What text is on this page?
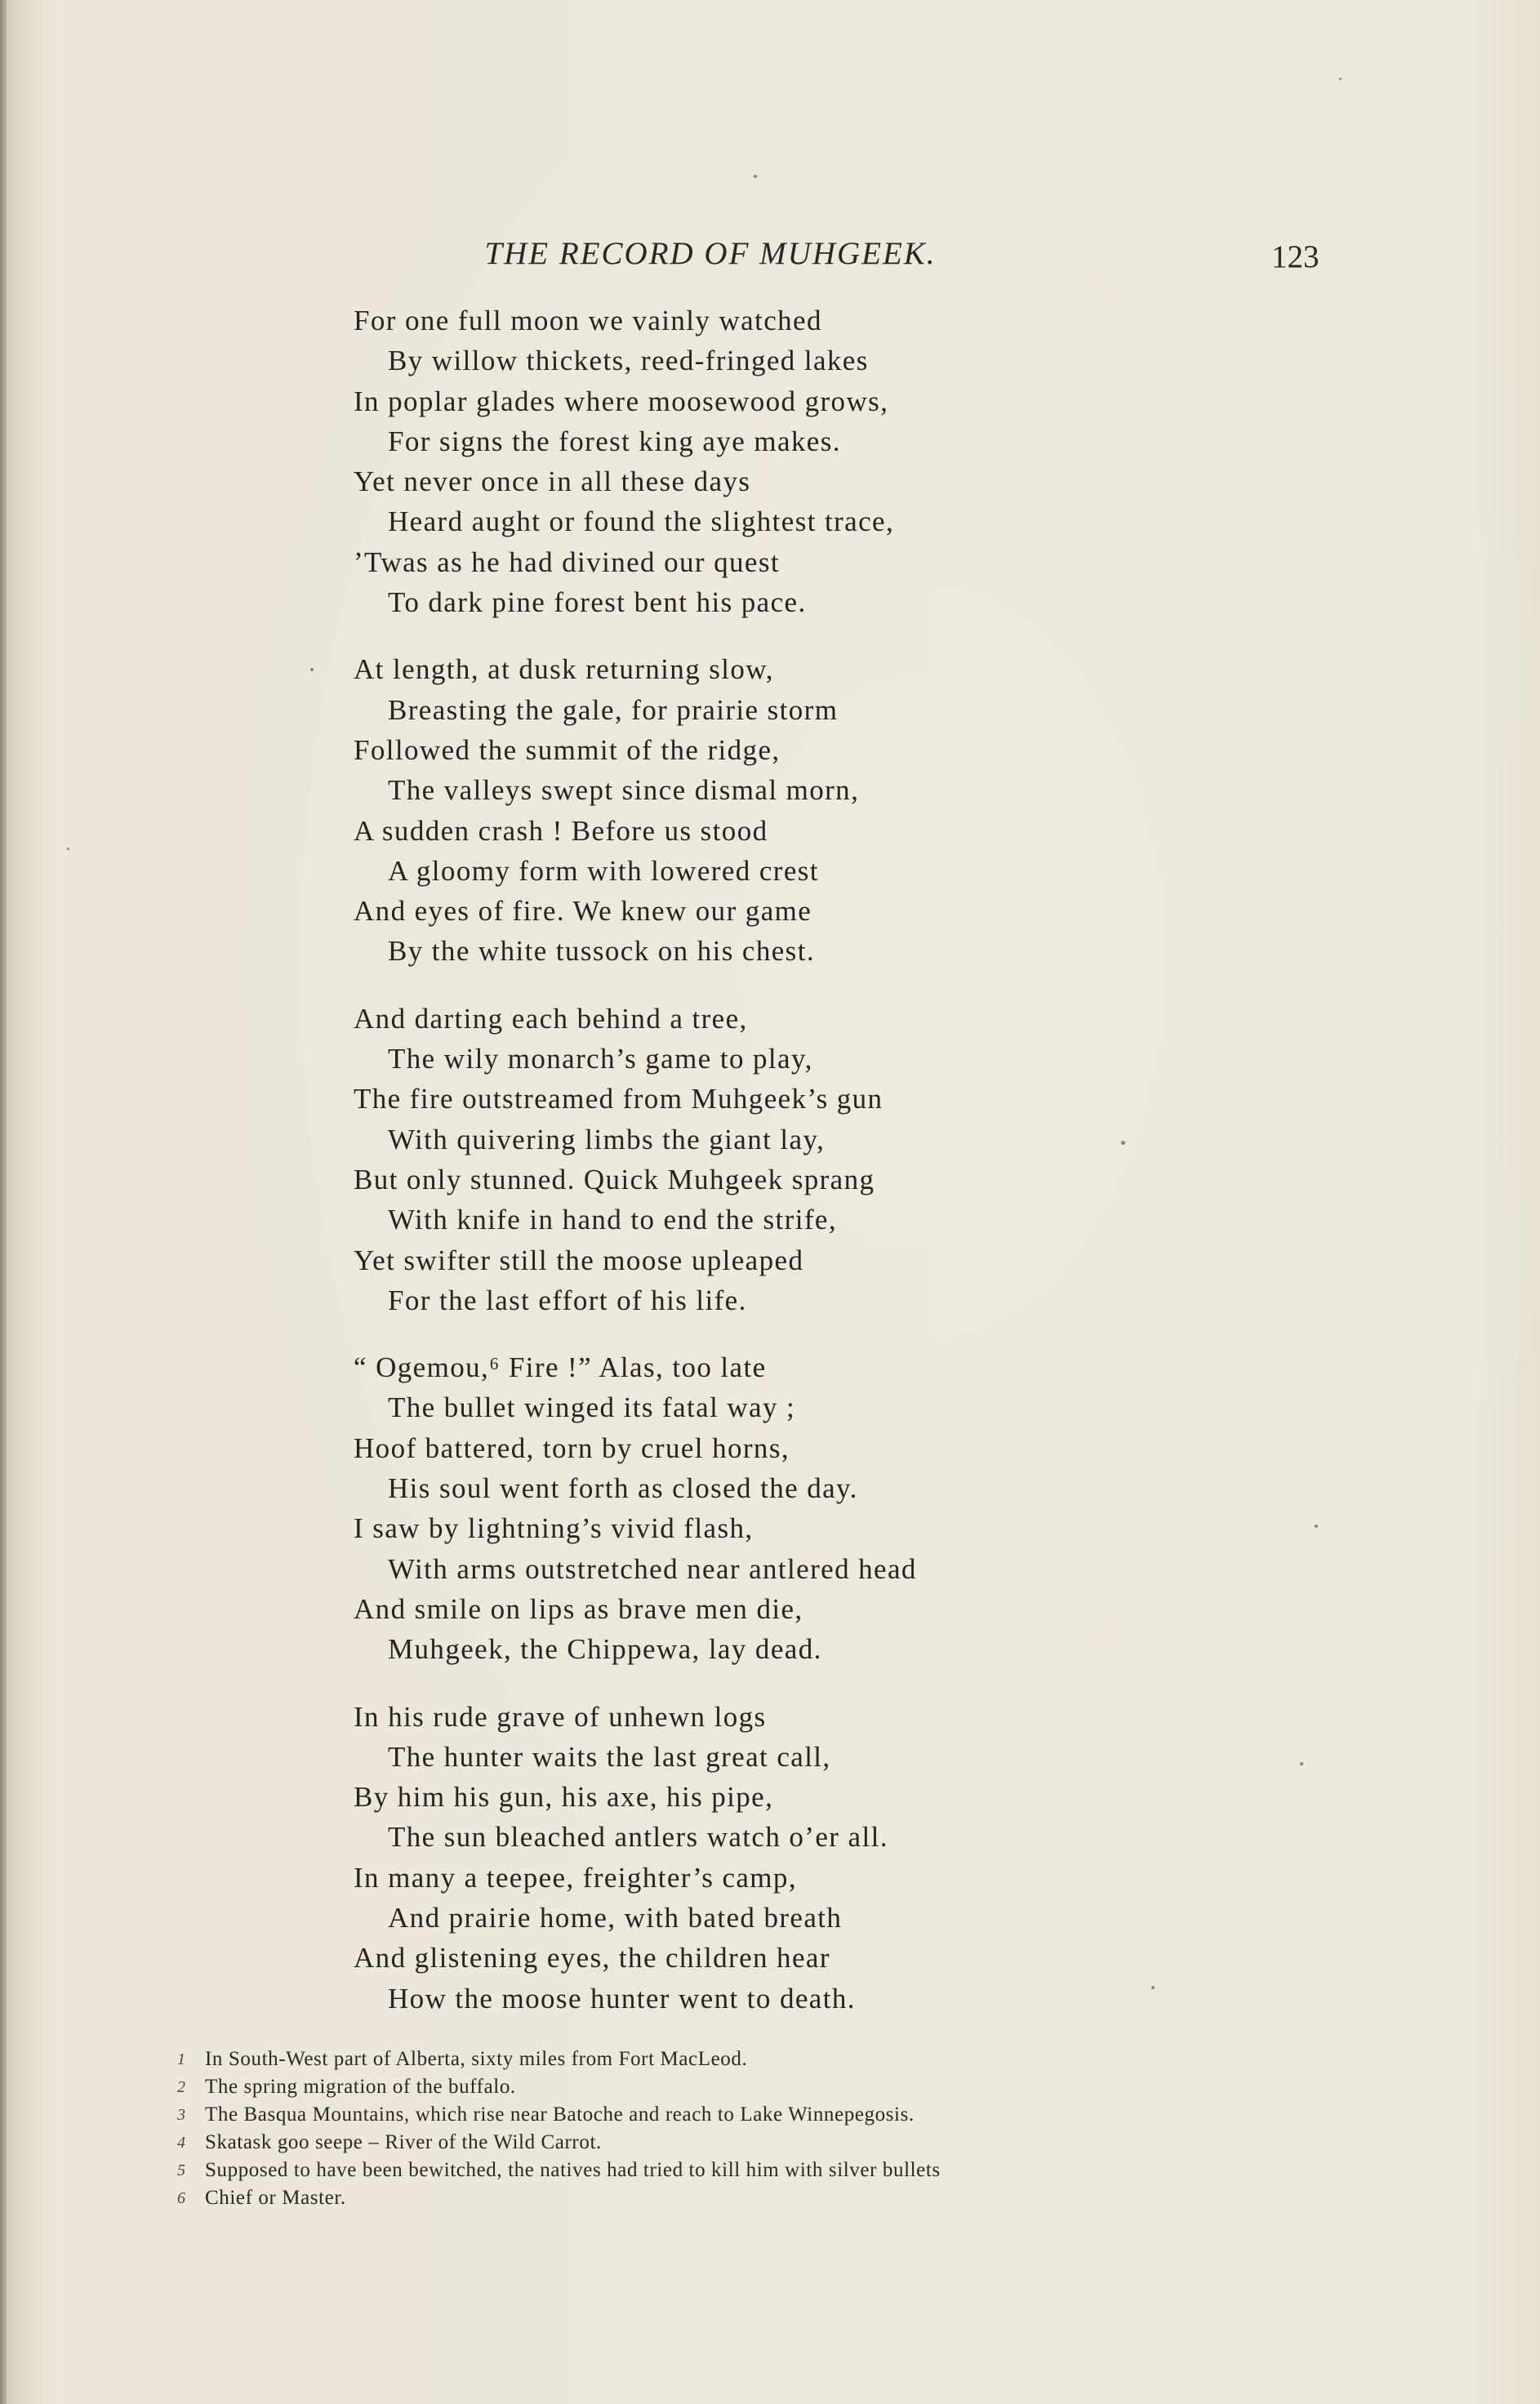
THE RECORD OF MUHGEEK.	123
For one full moon we vainly watched
By willow thickets, reed-fringed lakes
In poplar glades where moosewood grows,
For signs the forest king aye makes.
Yet never once in all these days
Heard aught or found the slightest trace,
’Twas as he had divined our quest
To dark pine forest bent his pace.
At length, at dusk returning slow,
Breasting the gale, for prairie storm
Followed the summit of the ridge,
The valleys swept since dismal morn,
A sudden crash ! Before us stood
A gloomy form with lowered crest
And eyes of fire. We knew our game
By the white tussock on his chest.
And darting each behind a tree,
The wily monarch’s game to play,
The fire outstreamed from Muhgeek’s gun
With quivering limbs the giant lay,
But only stunned. Quick Muhgeek sprang
With knife in hand to end the strife,
Yet swifter still the moose upleaped
For the last effort of his life.
“ Ogemou,⁶ Fire !” Alas, too late
The bullet winged its fatal way ;
Hoof battered, torn by cruel horns,
His soul went forth as closed the day.
I saw by lightning’s vivid flash,
With arms outstretched near antlered head
And smile on lips as brave men die,
Muhgeek, the Chippewa, lay dead.
In his rude grave of unhewn logs
The hunter waits the last great call,
By him his gun, his axe, his pipe,
The sun bleached antlers watch o’er all.
In many a teepee, freighter’s camp,
And prairie home, with bated breath
And glistening eyes, the children hear
How the moose hunter went to death.
1 In South-West part of Alberta, sixty miles from Fort MacLeod.
2 The spring migration of the buffalo.
3 The Basqua Mountains, which rise near Batoche and reach to Lake Winnepegosis.
4 Skatask goo seepe – River of the Wild Carrot.
5 Supposed to have been bewitched, the natives had tried to kill him with silver bullets
6 Chief or Master.
